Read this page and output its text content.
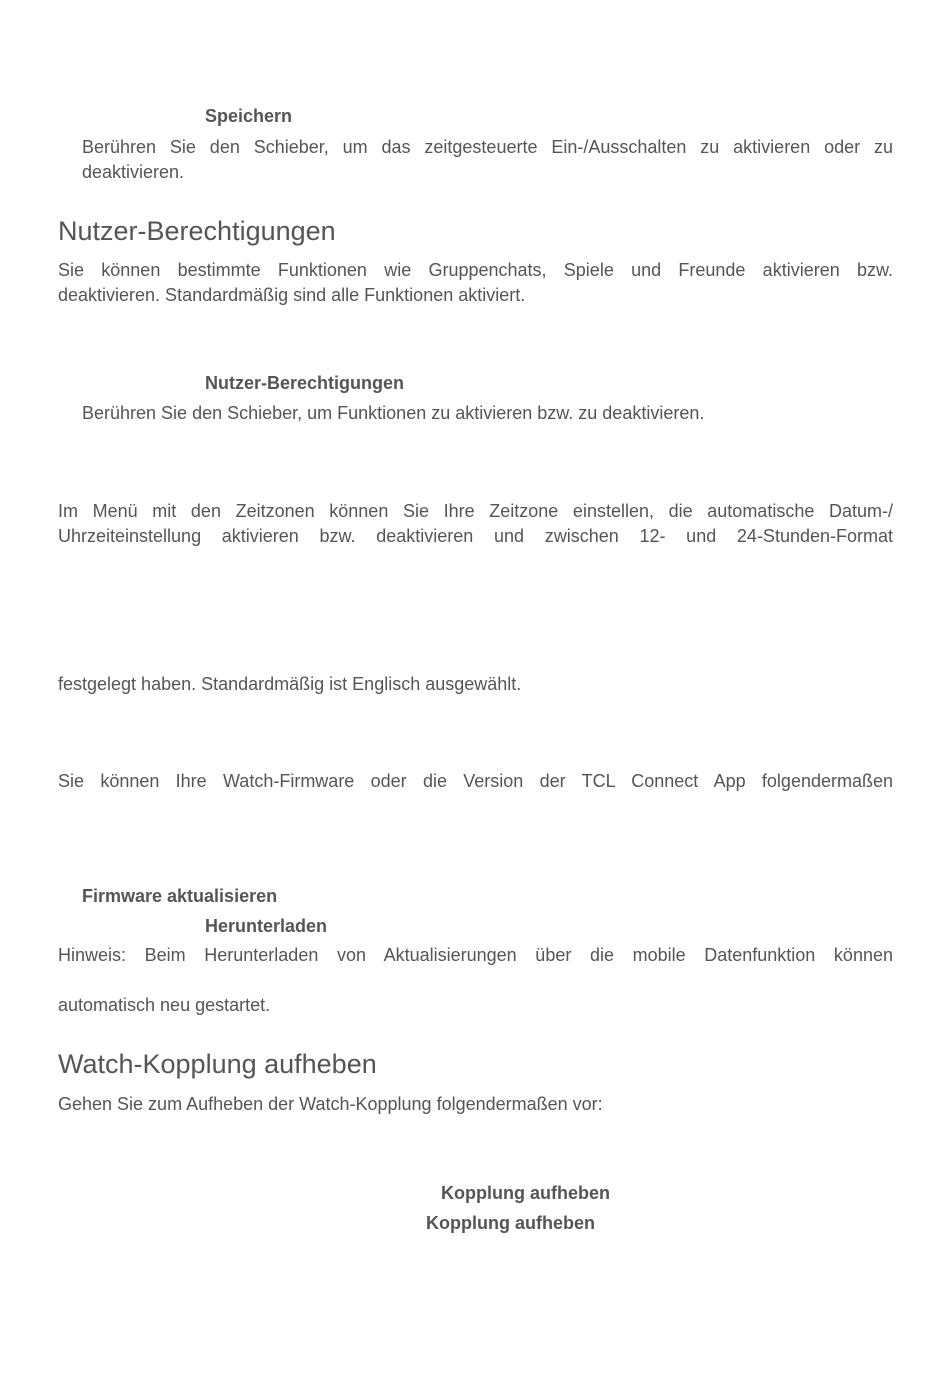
Speichern

Berühren Sie den Schieber, um das zeitgesteuerte Ein-/Ausschalten zu aktivieren oder zu

deaktivieren.

Nutzer-Berechtigungen

Sie können bestimmte Funktionen wie Gruppenchats, Spiele und Freunde aktivieren bzw.

deaktivieren. Standardmäßig sind alle Funktionen aktiviert.

Nutzer-Berechtigungen

Berühren Sie den Schieber, um Funktionen zu aktivieren bzw. zu deaktivieren.

Im Menü mit den Zeitzonen können Sie Ihre Zeitzone einstellen, die automatische Datum-/

Uhrzeiteinstellung aktivieren bzw. deaktivieren und zwischen 12- und 24-Stunden-Format

festgelegt haben. Standardmäßig ist Englisch ausgewählt.

Sie können Ihre Watch-Firmware oder die Version der TCL Connect App folgendermaßen

Firmware aktualisieren

Herunterladen

Hinweis: Beim Herunterladen von Aktualisierungen über die mobile Datenfunktion können

automatisch neu gestartet.

Watch-Kopplung aufheben

Gehen Sie zum Aufheben der Watch-Kopplung folgendermaßen vor:

Kopplung aufheben

Kopplung aufheben
